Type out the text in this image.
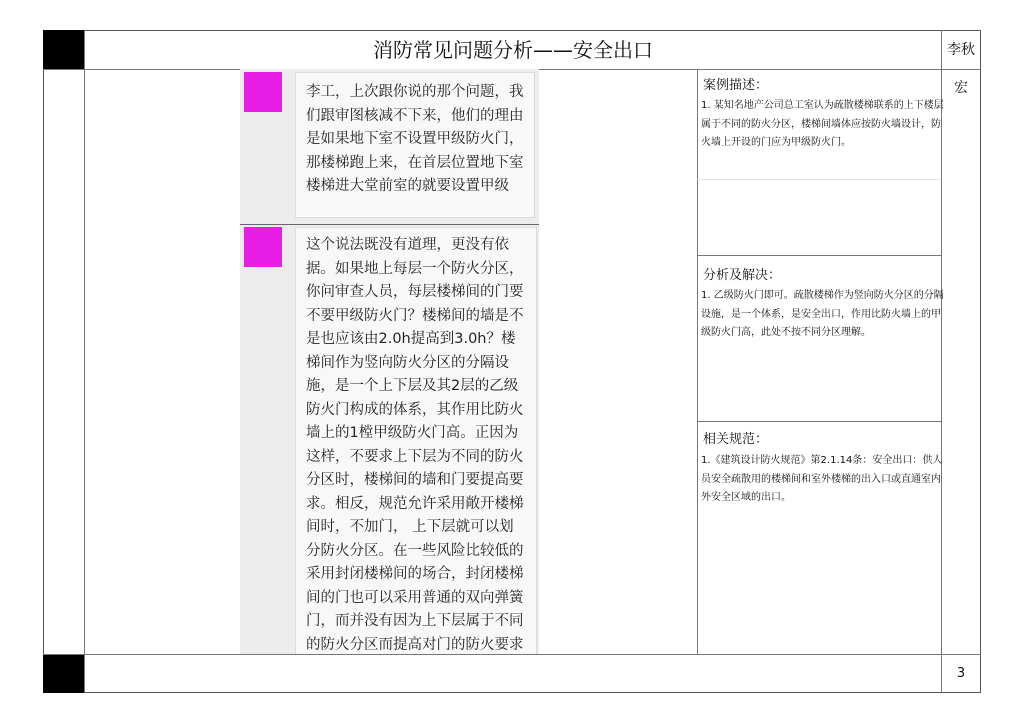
消防常见问题分析——安全出口	李秋宏
李工，上次跟你说的那个问题，我们跟审图核减不下来，他们的理由是如果地下室不设置甲级防火门，那楼梯跑上来，在首层位置地下室楼梯进大堂前室的就要设置甲级
这个说法既没有道理，更没有依据。如果地上每层一个防火分区，你问审查人员，每层楼梯间的门要不要甲级防火门？楼梯间的墙是不是也应该由2.0h提高到3.0h？楼梯间作为竖向防火分区的分隔设施，是一个上下层及其2层的乙级防火门构成的体系，其作用比防火墙上的1樘甲级防火门高。正因为这样，不要求上下层为不同的防火分区时，楼梯间的墙和门要提高要求。相反，规范允许采用敞开楼梯间时，不加门， 上下层就可以划分防火分区。在一些风险比较低的采用封闭楼梯间的场合，封闭楼梯间的门也可以采用普通的双向弹簧门，而并没有因为上下层属于不同的防火分区而提高对门的防火要求
案例描述：
1. 某知名地产公司总工室认为疏散楼梯联系的上下楼层属于不同的防火分区，楼梯间墙体应按防火墙设计，防火墙上开设的门应为甲级防火门。
分析及解决：
1. 乙级防火门即可。疏散楼梯作为竖向防火分区的分隔设施，是一个体系，是安全出口，作用比防火墙上的甲级防火门高，此处不按不同分区理解。
相关规范：
1.《建筑设计防火规范》第2.1.14条：安全出口：供人员安全疏散用的楼梯间和室外楼梯的出入口或直通室内外安全区域的出口。
3
